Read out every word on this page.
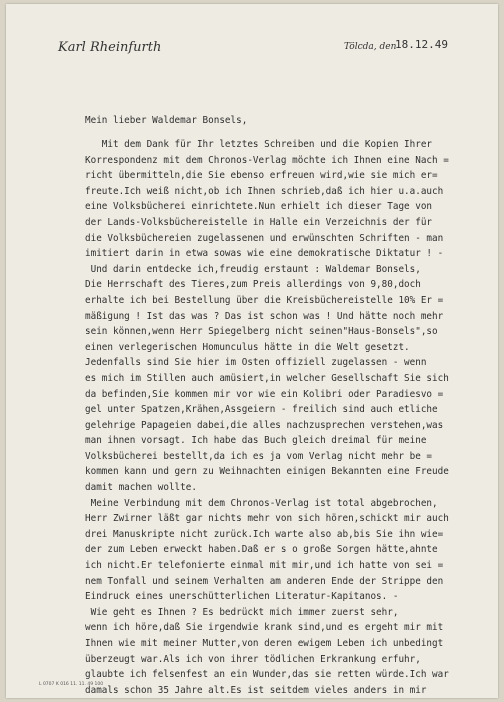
Karl Rheinfurth	Tölcda, den
18.12.49
Mein lieber Waldemar Bonsels,
Mit dem Dank für Ihr letztes Schreiben und die Kopien Ihrer
Korrespondenz mit dem Chronos-Verlag möchte ich Ihnen eine Nach =
richt übermitteln,die Sie ebenso erfreuen wird,wie sie mich er=
freute.Ich weiß nicht,ob ich Ihnen schrieb,daß ich hier u.a.auch
eine Volksbücherei einrichtete.Nun erhielt ich dieser Tage von
der Lands-Volksbüchereistelle in Halle ein Verzeichnis der für
die Volksbüchereien zugelassenen und erwünschten Schriften - man
imitiert darin in etwa sowas wie eine demokratische Diktatur ! -
Und darin entdecke ich,freudig erstaunt : Waldemar Bonsels,
Die Herrschaft des Tieres,zum Preis allerdings von 9,80,doch
erhalte ich bei Bestellung über die Kreisbüchereistelle 10% Er =
mäßigung ! Ist das was ? Das ist schon was ! Und hätte noch mehr
sein können,wenn Herr Spiegelberg nicht seinen"Haus-Bonsels",so
einen verlegerischen Homunculus hätte in die Welt gesetzt.
Jedenfalls sind Sie hier im Osten offiziell zugelassen - wenn
es mich im Stillen auch amüsiert,in welcher Gesellschaft Sie sich
da befinden,Sie kommen mir vor wie ein Kolibri oder Paradiesvo =
gel unter Spatzen,Krähen,Assgeiern - freilich sind auch etliche
gelehrige Papageien dabei,die alles nachzusprechen verstehen,was
man ihnen vorsagt. Ich habe das Buch gleich dreimal für meine
Volksbücherei bestellt,da ich es ja vom Verlag nicht mehr be =
kommen kann und gern zu Weihnachten einigen Bekannten eine Freude
damit machen wollte.
Meine Verbindung mit dem Chronos-Verlag ist total abgebrochen,
Herr Zwirner läßt gar nichts mehr von sich hören,schickt mir auch
drei Manuskripte nicht zurück.Ich warte also ab,bis Sie ihn wie=
der zum Leben erweckt haben.Daß er s o große Sorgen hätte,ahnte
ich nicht.Er telefonierte einmal mit mir,und ich hatte von sei =
nem Tonfall und seinem Verhalten am anderen Ende der Strippe den
Eindruck eines unerschütterlichen Literatur-Kapitanos. -
Wie geht es Ihnen ? Es bedrückt mich immer zuerst sehr,
wenn ich höre,daß Sie irgendwie krank sind,und es ergeht mir mit
Ihnen wie mit meiner Mutter,von deren ewigem Leben ich unbedingt
überzeugt war.Als ich von ihrer tödlichen Erkrankung erfuhr,
glaubte ich felsenfest an ein Wunder,das sie retten würde.Ich war
damals schon 35 Jahre alt.Es ist seitdem vieles anders in mir
L 0707 K 016 11. 11. 49 100
